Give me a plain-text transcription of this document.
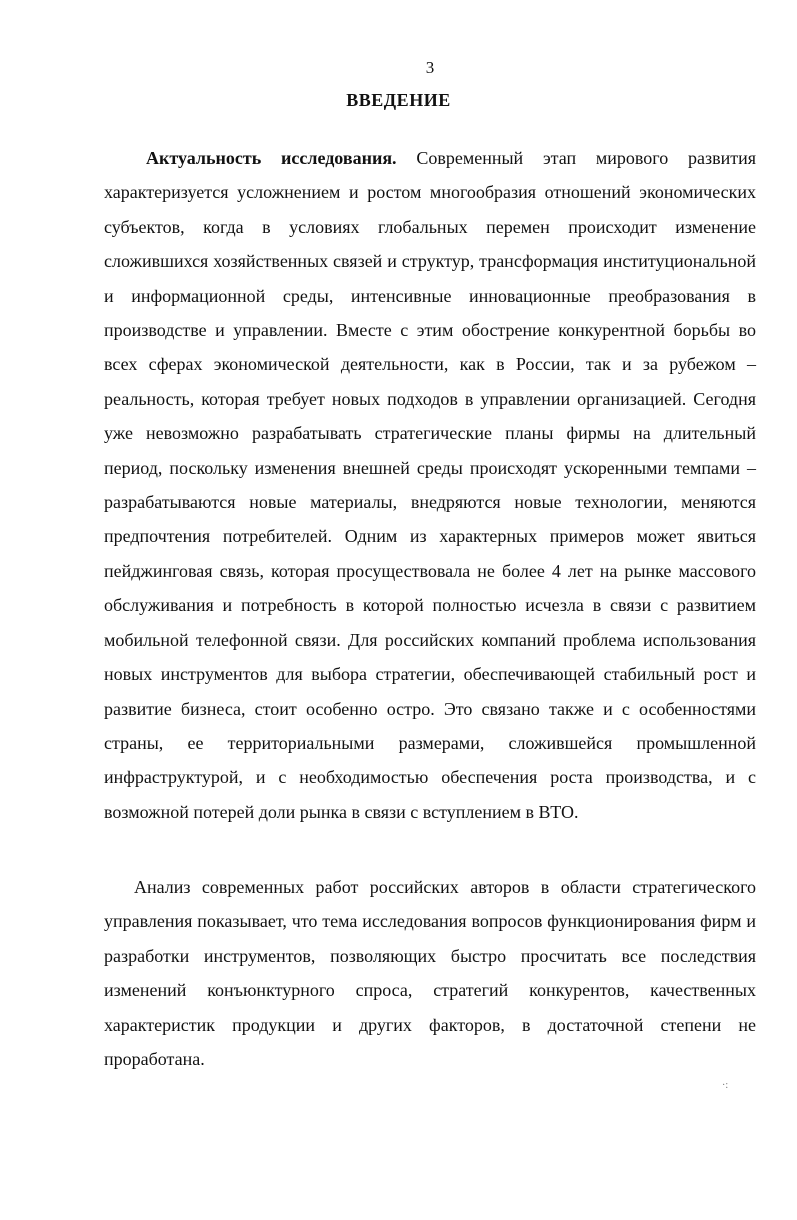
3
ВВЕДЕНИЕ
Актуальность исследования. Современный этап мирового развития характеризуется усложнением и ростом многообразия отношений экономических субъектов, когда в условиях глобальных перемен происходит изменение сложившихся хозяйственных связей и структур, трансформация институциональной и информационной среды, интенсивные инновационные преобразования в производстве и управлении. Вместе с этим обострение конкурентной борьбы во всех сферах экономической деятельности, как в России, так и за рубежом – реальность, которая требует новых подходов в управлении организацией. Сегодня уже невозможно разрабатывать стратегические планы фирмы на длительный период, поскольку изменения внешней среды происходят ускоренными темпами – разрабатываются новые материалы, внедряются новые технологии, меняются предпочтения потребителей. Одним из характерных примеров может явиться пейджинговая связь, которая просуществовала не более 4 лет на рынке массового обслуживания и потребность в которой полностью исчезла в связи с развитием мобильной телефонной связи. Для российских компаний проблема использования новых инструментов для выбора стратегии, обеспечивающей стабильный рост и развитие бизнеса, стоит особенно остро. Это связано также и с особенностями страны, ее территориальными размерами, сложившейся промышленной инфраструктурой, и с необходимостью обеспечения роста производства, и с возможной потерей доли рынка в связи с вступлением в ВТО.
Анализ современных работ российских авторов в области стратегического управления показывает, что тема исследования вопросов функционирования фирм и разработки инструментов, позволяющих быстро просчитать все последствия изменений конъюнктурного спроса, стратегий конкурентов, качественных характеристик продукции и других факторов, в достаточной степени не проработана.
·:
